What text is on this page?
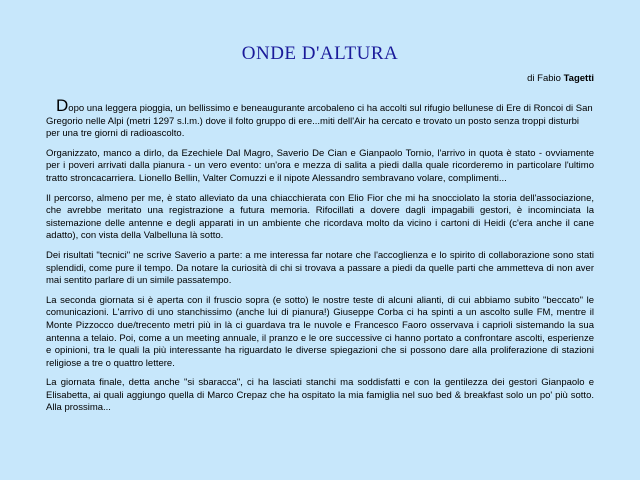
ONDE D'ALTURA
di Fabio Tagetti

Dopo una leggera pioggia, un bellissimo e beneaugurante arcobaleno ci ha accolti sul rifugio bellunese di Ere di Roncoi di San Gregorio nelle Alpi (metri 1297 s.l.m.) dove il folto gruppo di ere...miti dell'Air ha cercato e trovato un posto senza troppi disturbi per una tre giorni di radioascolto.

Organizzato, manco a dirlo, da Ezechiele Dal Magro, Saverio De Cian e Gianpaolo Tornio, l'arrivo in quota è stato - ovviamente per i poveri arrivati dalla pianura - un vero evento: un'ora e mezza di salita a piedi dalla quale ricorderemo in particolare l'ultimo tratto stroncacarriera. Lionello Bellin, Valter Comuzzi e il nipote Alessandro sembravano volare, complimenti...

Il percorso, almeno per me, è stato alleviato da una chiacchierata con Elio Fior che mi ha snocciolato la storia dell'associazione, che avrebbe meritato una registrazione a futura memoria. Rifocillati a dovere dagli impagabili gestori, è incominciata la sistemazione delle antenne e degli apparati in un ambiente che ricordava molto da vicino i cartoni di Heidi (c'era anche il cane adatto), con vista della Valbelluna là sotto.

Dei risultati "tecnici" ne scrive Saverio a parte: a me interessa far notare che l'accoglienza e lo spirito di collaborazione sono stati splendidi, come pure il tempo. Da notare la curiosità di chi si trovava a passare a piedi da quelle parti che ammetteva di non aver mai sentito parlare di un simile passatempo.

La seconda giornata si è aperta con il fruscio sopra (e sotto) le nostre teste di alcuni alianti, di cui abbiamo subito "beccato" le comunicazioni. L'arrivo di uno stanchissimo (anche lui di pianura!) Giuseppe Corba ci ha spinti a un ascolto sulle FM, mentre il Monte Pizzocco due/trecento metri più in là ci guardava tra le nuvole e Francesco Faoro osservava i caprioli sistemando la sua antenna a telaio. Poi, come a un meeting annuale, il pranzo e le ore successive ci hanno portato a confrontare ascolti, esperienze e opinioni, tra le quali la più interessante ha riguardato le diverse spiegazioni che si possono dare alla proliferazione di stazioni religiose a tre o quattro lettere.

La giornata finale, detta anche "si sbaracca", ci ha lasciati stanchi ma soddisfatti e con la gentilezza dei gestori Gianpaolo e Elisabetta, ai quali aggiungo quella di Marco Crepaz che ha ospitato la mia famiglia nel suo bed & breakfast solo un po' più sotto. Alla prossima...
